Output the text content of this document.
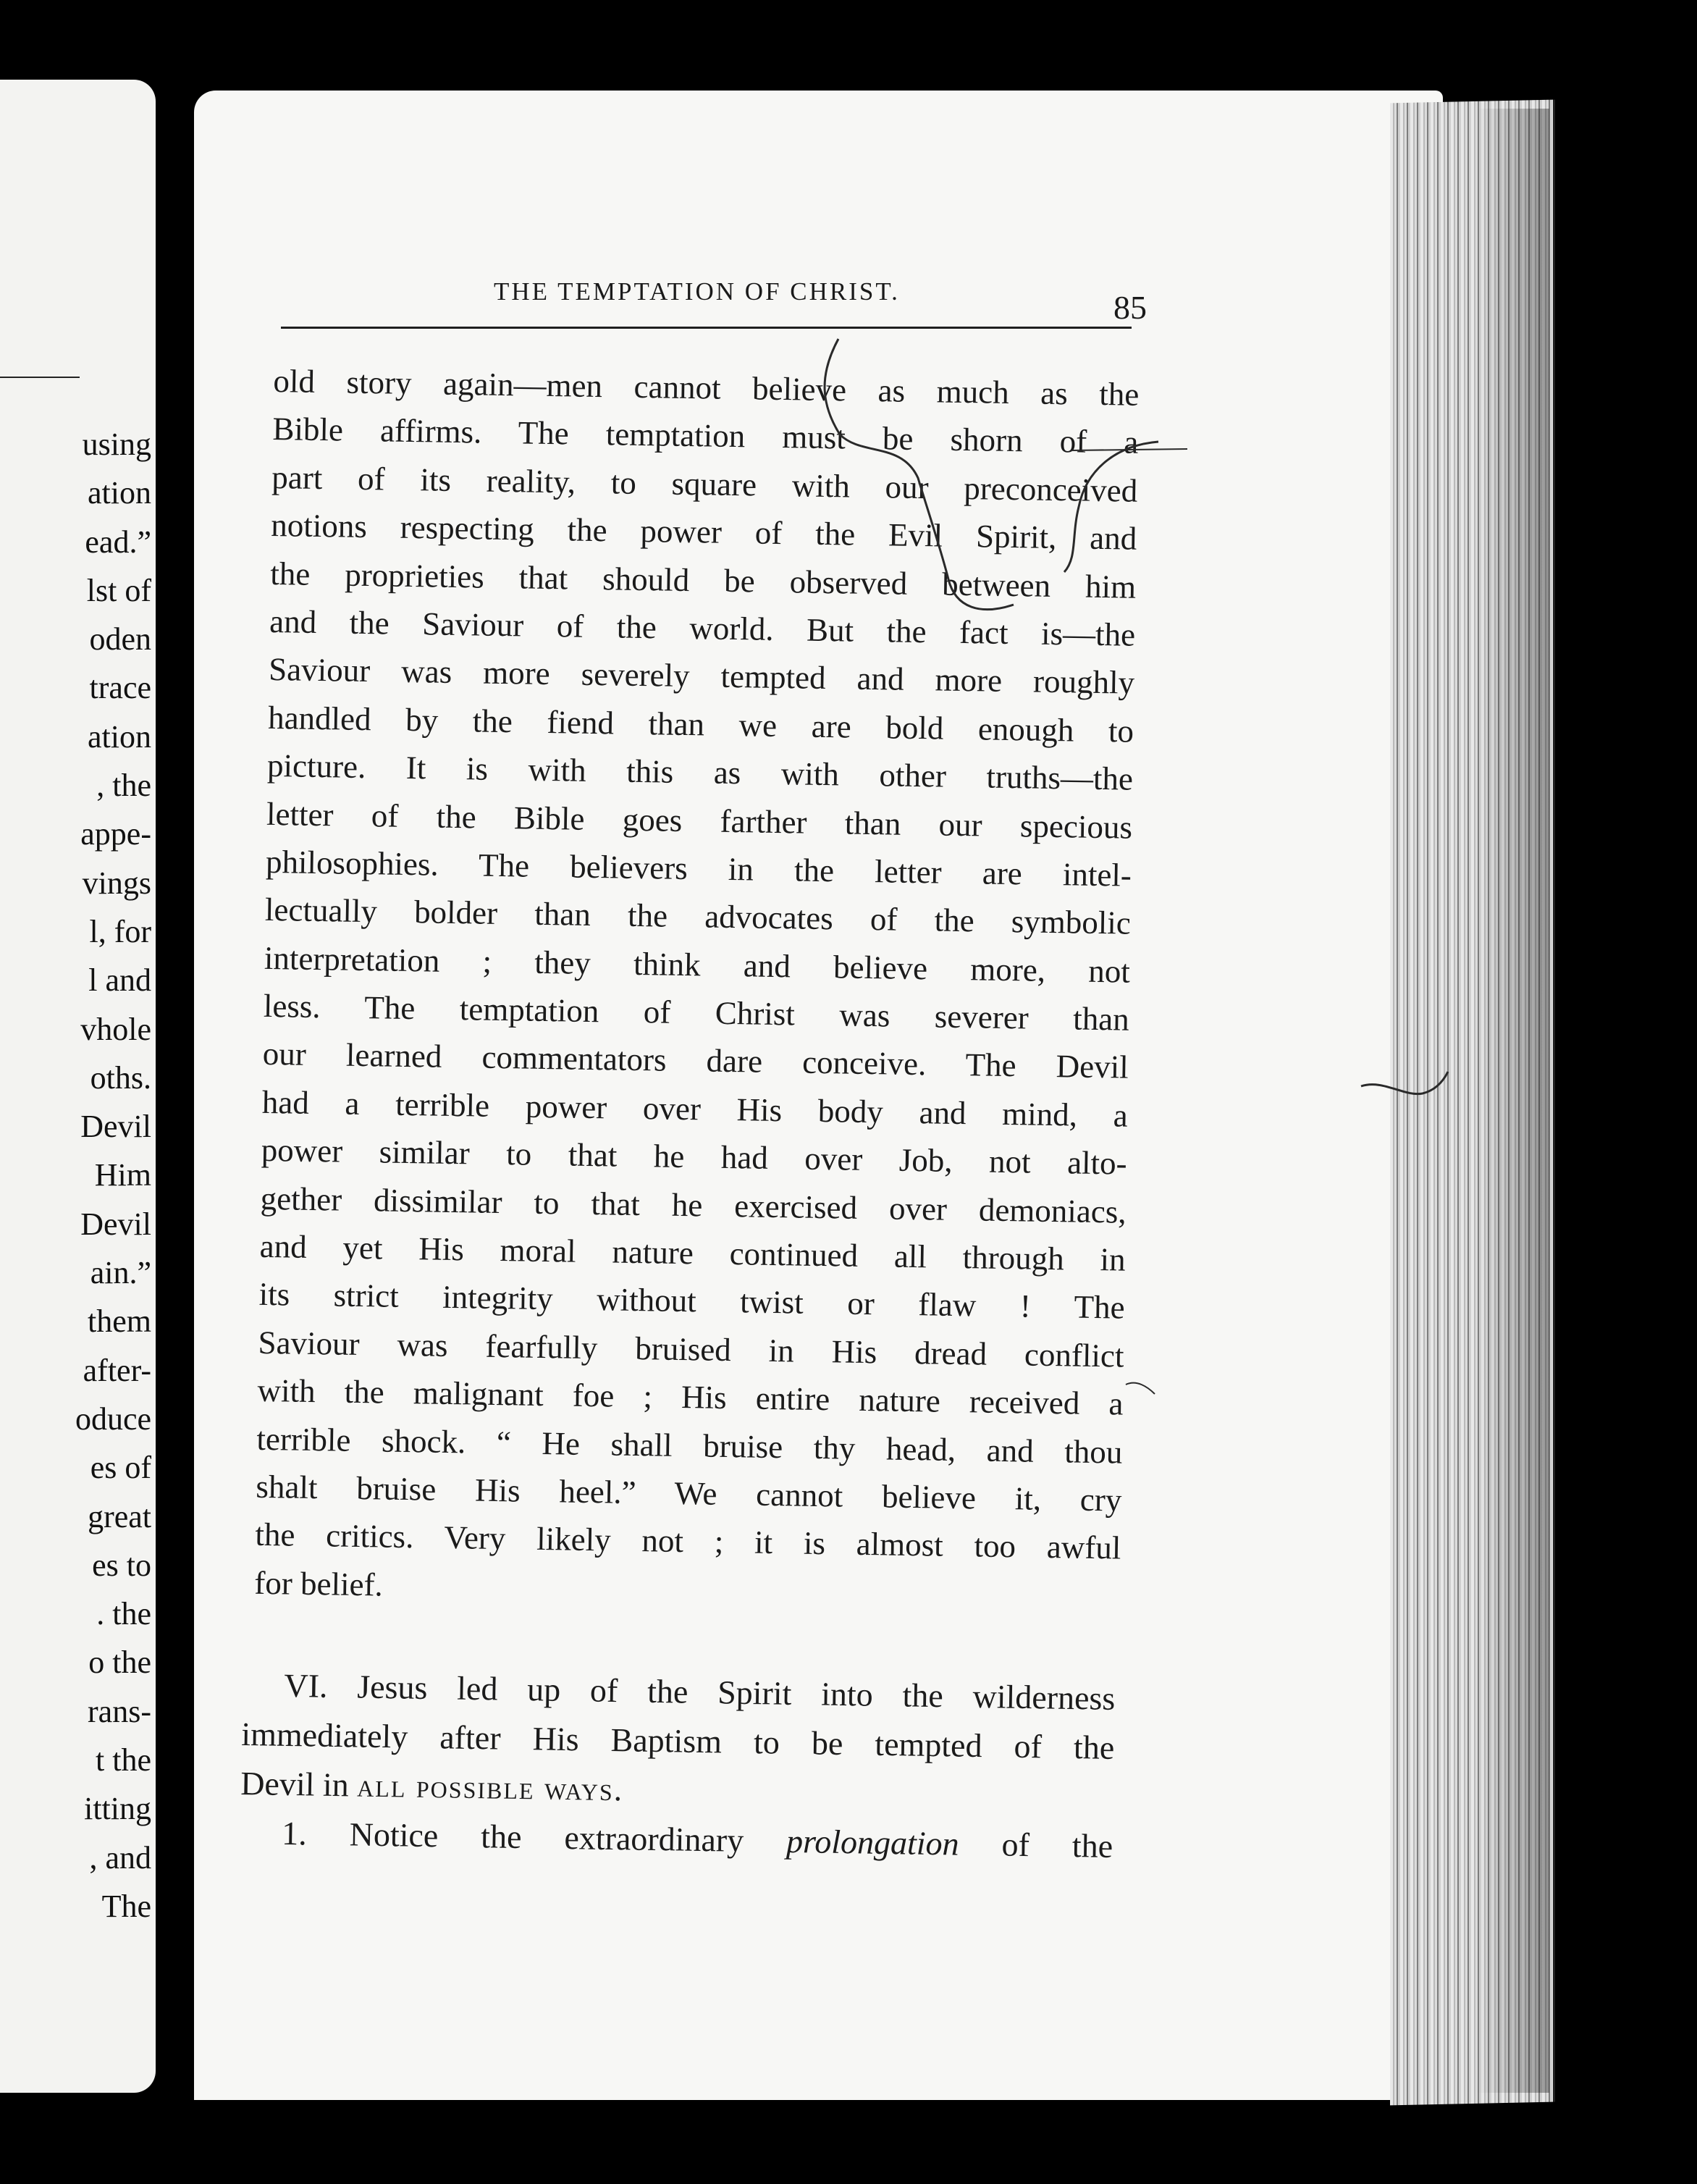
using
ation
ead.”
lst of
oden
trace
ation
, the
appe-
vings
l, for
l and
vhole
oths.
Devil
Him
Devil
ain.”
them
after-
oduce
es of
great
es to
. the
o the
rans-
t the
itting
, and
The
THE TEMPTATION OF CHRIST.	85
old story again—men cannot believe as much as the
Bible affirms. The temptation must be shorn of a
part of its reality, to square with our preconceived
notions respecting the power of the Evil Spirit, and
the proprieties that should be observed between him
and the Saviour of the world. But the fact is—the
Saviour was more severely tempted and more roughly
handled by the fiend than we are bold enough to
picture. It is with this as with other truths—the
letter of the Bible goes farther than our specious
philosophies. The believers in the letter are intel-
lectually bolder than the advocates of the symbolic
interpretation ; they think and believe more, not
less. The temptation of Christ was severer than
our learned commentators dare conceive. The Devil
had a terrible power over His body and mind, a
power similar to that he had over Job, not alto-
gether dissimilar to that he exercised over demoniacs,
and yet His moral nature continued all through in
its strict integrity without twist or flaw ! The
Saviour was fearfully bruised in His dread conflict
with the malignant foe ; His entire nature received a
terrible shock. “ He shall bruise thy head, and thou
shalt bruise His heel.” We cannot believe it, cry
the critics. Very likely not ; it is almost too awful
for belief.
VI. Jesus led up of the Spirit into the wilderness
immediately after His Baptism to be tempted of the
Devil in all possible ways.
1. Notice the extraordinary prolongation of the
